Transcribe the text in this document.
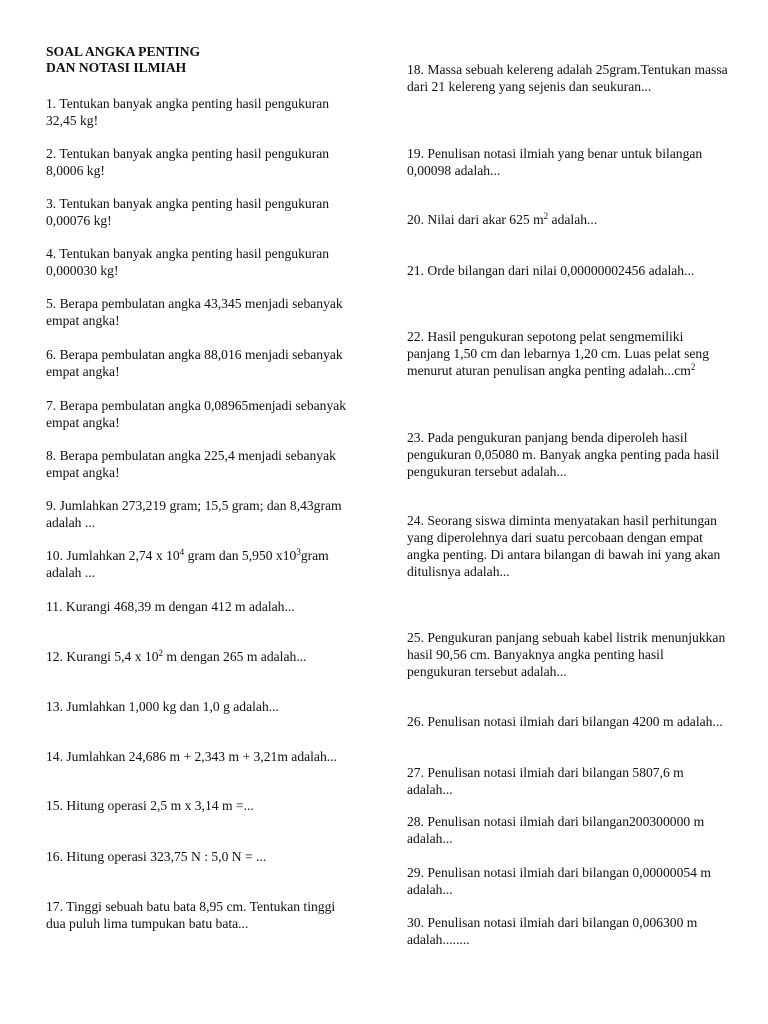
SOAL ANGKA PENTING
DAN NOTASI ILMIAH

1. Tentukan banyak angka penting hasil pengukuran 32,45 kg!

2. Tentukan banyak angka penting hasil pengukuran 8,0006 kg!

3. Tentukan banyak angka penting hasil pengukuran 0,00076 kg!

4. Tentukan banyak angka penting hasil pengukuran 0,000030 kg!

5. Berapa pembulatan angka 43,345 menjadi sebanyak empat angka!

6. Berapa pembulatan angka 88,016 menjadi sebanyak empat angka!

7. Berapa pembulatan angka 0,08965menjadi sebanyak empat angka!

8. Berapa pembulatan angka 225,4 menjadi sebanyak empat angka!

9. Jumlahkan 273,219 gram; 15,5 gram; dan 8,43gram adalah ...

10. Jumlahkan 2,74 x $10^4$ gram dan 5,950 $x10^3gram$ adalah ...

11. Kurangi 468,39 m dengan 412 m adalah...

12. Kurangi 5,4 x $10^2$ m dengan 265 m adalah...

13. Jumlahkan 1,000 kg dan 1,0 g adalah...

14. Jumlahkan 24,686 m + 2,343 m + 3,21m adalah...

15. Hitung operasi 2,5 m x 3,14 m =...

16. Hitung operasi 323,75 N : 5,0 N = ...

17. Tinggi sebuah batu bata 8,95 cm. Tentukan tinggi dua puluh lima tumpukan batu bata...

18. Massa sebuah kelereng adalah 25gram.Tentukan massa dari 21 kelereng yang sejenis dan seukuran...

19. Penulisan notasi ilmiah yang benar untuk bilangan 0,00098 adalah...

20. Nilai dari akar 625 $m^2$ adalah...

21. Orde bilangan dari nilai 0,00000002456 adalah...

22. Hasil pengukuran sepotong pelat sengmemiliki panjang 1,50 cm dan lebarnya 1,20 cm. Luas pelat seng menurut aturan penulisan angka penting $adalah...cm^2$

23. Pada pengukuran panjang benda diperoleh hasil pengukuran 0,05080 m. Banyak angka penting pada hasil pengukuran tersebut adalah...

24. Seorang siswa diminta menyatakan hasil perhitungan yang diperolehnya dari suatu percobaan dengan empat angka penting. Di antara bilangan di bawah ini yang akan ditulisnya adalah...

25. Pengukuran panjang sebuah kabel listrik menunjukkan hasil 90,56 cm. Banyaknya angka penting hasil pengukuran tersebut adalah...

26. Penulisan notasi ilmiah dari bilangan 4200 m adalah...

27. Penulisan notasi ilmiah dari bilangan 5807,6 m adalah...

28. Penulisan notasi ilmiah dari bilangan200300000 m adalah...

29. Penulisan notasi ilmiah dari bilangan 0,00000054 m adalah...

30. Penulisan notasi ilmiah dari bilangan 0,006300 m adalah........
